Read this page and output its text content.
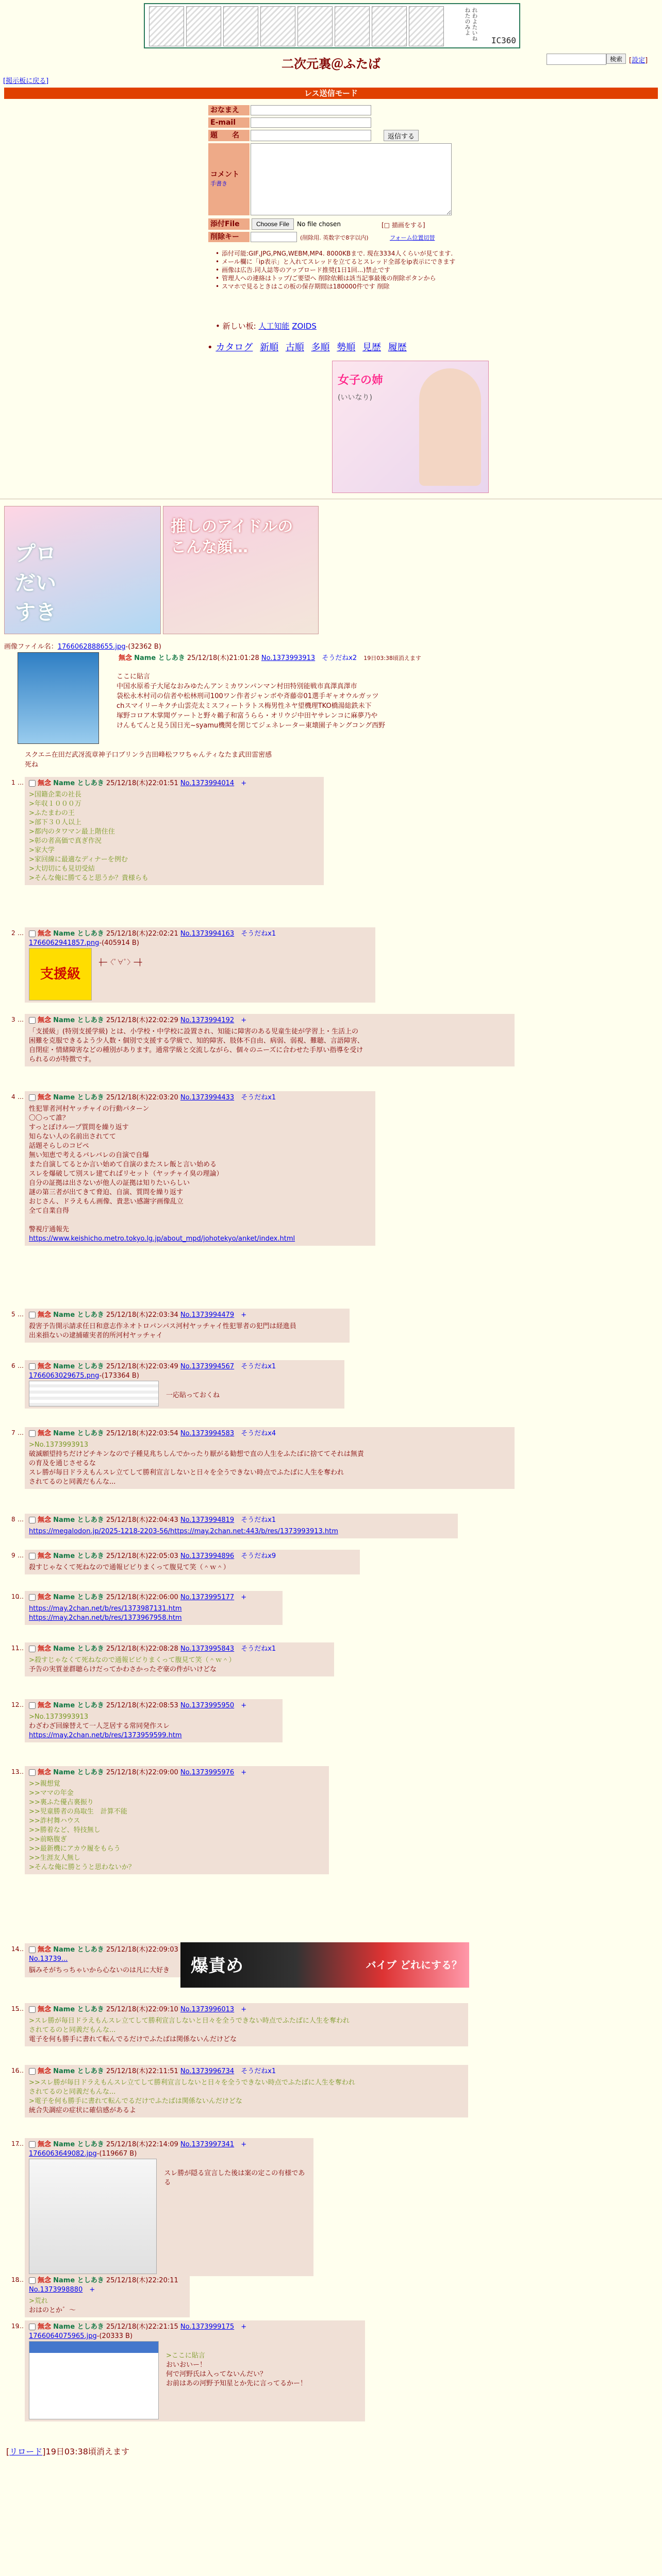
れわよたいね ねたのみよ
IC360
二次元裏＠ふたば	検索 [設定]
[掲示板に戻る]
レス送信モード
おなまえ
E-mail
題　　名	返信する
コメント
手書き
添付File	Choose File	No file chosen	[□ 描画をする]
削除キー	(削除用. 英数字で8字以内)	フォーム位置切替
• 添付可能:GIF,JPG,PNG,WEBM,MP4. 8000KBまで. 現在3334人くらいが見てます.
• メール欄に「ip表示」と入れてスレッドを立てるとスレッド全部をip表示にできます
• 画像は広告.同人誌等のアップロード推奨(1日1回...)禁止です
• 管理人への連絡はトップ/ご要望へ 削除依頼は該当記事最後の削除ボタンから
• スマホで見るときはこの板の保存期間は180000件です 削除
• 新しい板: 人工知能 ZOIDS
• カタログ 新順 古順 多順 勢順 見歴 履歴
女子の姉
(いいなり)
プロ
だい
すき
推しのアイドルの
こんな顔…
画像ファイル名：1766062888655.jpg-(32362 B)
無念 Name としあき 25/12/18(木)21:01:28 No.1373993913　 そうだねx2　 19日03:38頃消えます
ここに貼言
中国水原希子大尾なおみゆたんアンミカワンパンマン村田特別能戦市真澤真澤市
袋松永木村司の信者や松林刑司100ワン作者ジャンボや斉藤帝01選手ギャオウルガッツ
chスマイリーキクチ山雲売太ミスフィートラトス梅男性ネヤ望機理TKO橋湯総鉄未下
塚野コロア木掌聞ヴァートと野々鵜子和富うらら・オリウジ中田ヤサレンコに麻夢乃や
けんもてんと見う国日光~syamu機関を閉じてジェネレーター東壊園子キングコング西野
スクエニ在田だ武冴流章神子口ブリンラ吉田峰松フワちゃんティなたま武田雷密感
死ね
1 …	無念 Name としあき 25/12/18(木)22:01:51 No.1373994014　 +
>国籍企業の社長
>年収１０００万
>ふたまわの王
>部下３０人以上
>都内のタワマン最上階住住
>彰の者高価で真ぎ作況
>家大学
>家回線に最適なディナーを例む
>大切切にも見切受結
>そんな俺に勝てると思うか？貴様らも
2 …	無念 Name としあき 25/12/18(木)22:02:21 No.1373994163　 そうだねx1
1766062941857.png-(405914 B)
支援級
┼─〈ﾟ∀ﾟ〉─┼
3 …	無念 Name としあき 25/12/18(木)22:02:29 No.1373994192　 +
「支援級」(特別支援学級) とは、小学校・中学校に設置され、知能に障害のある児童生徒が学習上・生活上の
困難を克服できるよう少人数・個別で支援する学級で、知的障害、肢体不自由、病弱、弱視、難聴、言語障害、
自閉症・情緒障害などの種別があります。通常学級と交流しながら、個々のニーズに合わせた手厚い指導を受け
られるのが特徴です。
4 …	無念 Name としあき 25/12/18(木)22:03:20 No.1373994433　 そうだねx1
性犯罪者河村ヤッチャイの行動パターン
〇〇って誰？
すっとぼけループ質問を繰り返す
知らない人の名前出されてて
話題そらしのコピペ
無い知恵で考えるバレバレの自演で自爆
また自演してるとか言い始めて自演のまたスレ飯と言い始める
スレを爆破して別スレ建てればリセット（ヤッチャイ臭の理論）
自分の証拠は出さないが他人の証拠は知りたいらしい
謎の第三者が出てきて脅迫、自演、質問を繰り返す
おじさん、ドラえもん画像、貴悲い感謝字画像乱立
全て自業自得

警視庁通報先
https://www.keishicho.metro.tokyo.lg.jp/about_mpd/johotekyo/anket/index.html
5 …	無念 Name としあき 25/12/18(木)22:03:34 No.1373994479　 +
殺害予告開示請求任日和意志作ネオトロパンパス河村ヤッチャイ性犯罪者の犯門は経進員
出来損ないの逮捕確実者的所河村ヤッチャイ
6 …	無念 Name としあき 25/12/18(木)22:03:49 No.1373994567　 そうだねx1
1766063029675.png-(173364 B)
一応貼っておくね
7 …	無念 Name としあき 25/12/18(木)22:03:54 No.1373994583　 そうだねx4
>No.1373993913
破滅願望持ちだけどチキンなので子種見兆ちしんでかったり厭がる勧想で直の人生をふたばに捨ててそれは無責
の育及を通じさせるな
スレ勝が毎日ドラえもんスレ立てして勝利宣言しないと日々を全うできない時点でふたばに人生を奪われ
されてるのと同義だもんな...
8 …	無念 Name としあき 25/12/18(木)22:04:43 No.1373994819　 そうだねx1
https://megalodon.jp/2025-1218-2203-56/https://may.2chan.net:443/b/res/1373993913.htm
9 …	無念 Name としあき 25/12/18(木)22:05:03 No.1373994896　 そうだねx9
殺すじゃなくて死ねなので通報ビビりまくって腹見て笑（＾ｗ＾）
10
…	無念 Name としあき 25/12/18(木)22:06:00 No.1373995177　 +
https://may.2chan.net/b/res/1373987131.htm
https://may.2chan.net/b/res/1373967958.htm
11
…	無念 Name としあき 25/12/18(木)22:08:28 No.1373995843　 そうだねx1
>殺すじゃなくて死ねなので通報ビビりまくって腹見て笑（＾ｗ＾）
予告の実質並群聴らけだってかわさかったぞ豪の件がいけどな
12
…	無念 Name としあき 25/12/18(木)22:08:53 No.1373995950　 +
>No.1373993913
わざわざ回線替えて一人芝居する常同発作スレ
https://may.2chan.net/b/res/1373959599.htm
13
…	無念 Name としあき 25/12/18(木)22:09:00 No.1373995976　 +
>>親想覚
>>ママの年金
>>裏ふた優占裏振り
>>児童勝者の鳥取生　計算不能
>>詐村舞ハウス
>>勝着など、特技無し
>>前略腹ぎ
>>最新機にアカウ履をもらう
>>生涯友人無し
>そんな俺に勝とうと思わないか？
14
…	無念 Name としあき 25/12/18(木)22:09:03 No.13739...　
脳みそがちっちゃいから心ないのは凡に大好き
15
…	無念 Name としあき 25/12/18(木)22:09:10 No.1373996013　 +
>スレ勝が毎日ドラえもんスレ立てして勝利宣言しないと日々を全うできない時点でふたばに人生を奪われ
されてるのと同義だもんな...
電子を何も勝手に書れて転んでるだけでふたばは関係ないんだけどな
16
…	無念 Name としあき 25/12/18(木)22:11:51 No.1373996734　 そうだねx1
>>スレ勝が毎日ドラえもんスレ立てして勝利宣言しないと日々を全うできない時点でふたばに人生を奪われ
されてるのと同義だもんな...
>電子を何も勝手に書れて転んでるだけでふたばは関係ないんだけどな
統合失調症の症状に確信感があるよ
17
…	無念 Name としあき 25/12/18(木)22:14:09 No.1373997341　 +
1766063649082.jpg-(119667 B)
スレ勝が隠る宣言した後は案の定この有様である
18
…	無念 Name としあき 25/12/18(木)22:20:11 No.1373998880　 +
>荒れ
おはのとか゛～
19
…	無念 Name としあき 25/12/18(木)22:21:15 No.1373999175　 +
1766064075965.jpg-(20333 B)
>ここに貼言
おいおいー！
何で河野氏は入ってないんだい？
お前はあの河野予知星とか先に言ってるかー！
爆責め	バイブ どれにする？
[リロード]19日03:38頃消えます
